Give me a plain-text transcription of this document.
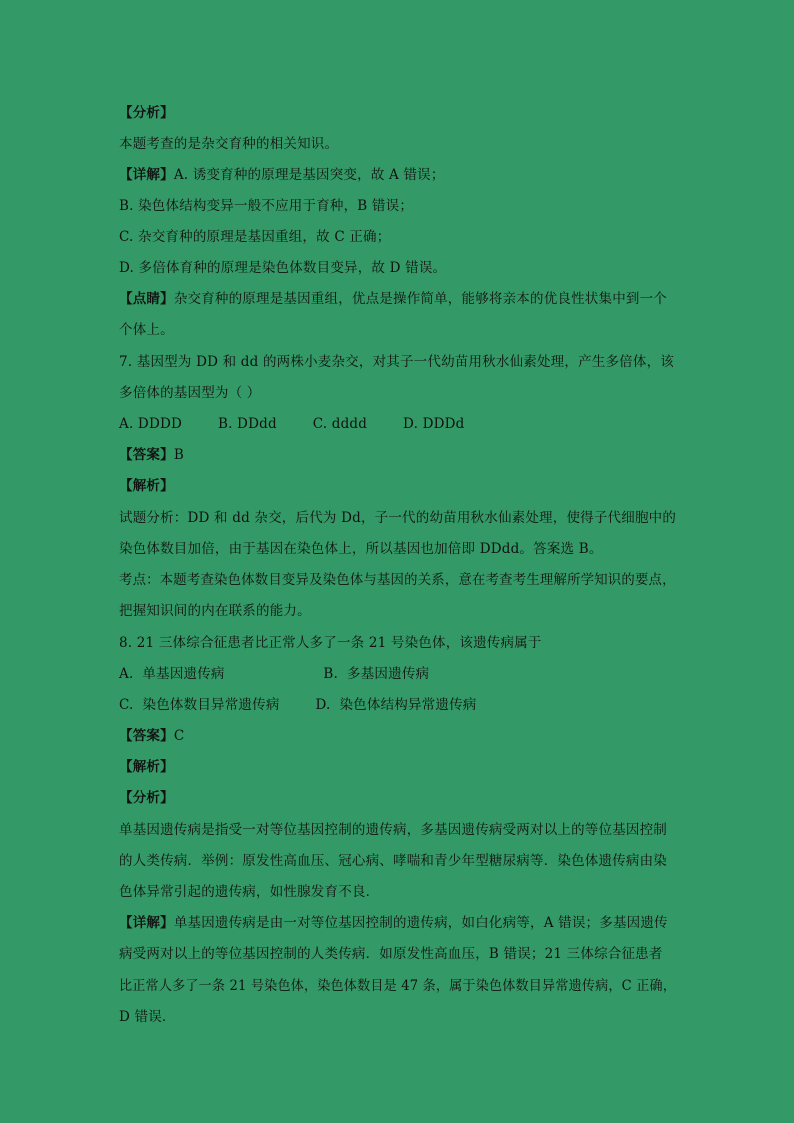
【分析】
本题考查的是杂交育种的相关知识。
【详解】A. 诱变育种的原理是基因突变，故 A 错误；
B. 染色体结构变异一般不应用于育种，B 错误；
C. 杂交育种的原理是基因重组，故 C 正确；
D. 多倍体育种的原理是染色体数目变异，故 D 错误。
【点睛】杂交育种的原理是基因重组，优点是操作简单，能够将亲本的优良性状集中到一个
个体上。
7. 基因型为 DD 和 dd 的两株小麦杂交，对其子一代幼苗用秋水仙素处理，产生多倍体，该
多倍体的基因型为（ ）
A. DDDD        B. DDdd        C. dddd        D. DDDd
【答案】B
【解析】
试题分析：DD 和 dd 杂交，后代为 Dd，子一代的幼苗用秋水仙素处理，使得子代细胞中的
染色体数目加倍，由于基因在染色体上，所以基因也加倍即 DDdd。答案选 B。
考点：本题考查染色体数目变异及染色体与基因的关系，意在考查考生理解所学知识的要点，
把握知识间的内在联系的能力。
8. 21 三体综合征患者比正常人多了一条 21 号染色体，该遗传病属于
A.  单基因遗传病                      B.  多基因遗传病
C.  染色体数目异常遗传病        D.  染色体结构异常遗传病
【答案】C
【解析】
【分析】
单基因遗传病是指受一对等位基因控制的遗传病，多基因遗传病受两对以上的等位基因控制
的人类传病．举例：原发性高血压、冠心病、哮喘和青少年型糖尿病等．染色体遗传病由染
色体异常引起的遗传病，如性腺发育不良．
【详解】单基因遗传病是由一对等位基因控制的遗传病，如白化病等，A 错误；多基因遗传
病受两对以上的等位基因控制的人类传病．如原发性高血压，B 错误；21 三体综合征患者
比正常人多了一条 21 号染色体，染色体数目是 47 条，属于染色体数目异常遗传病，C 正确，
D 错误．
